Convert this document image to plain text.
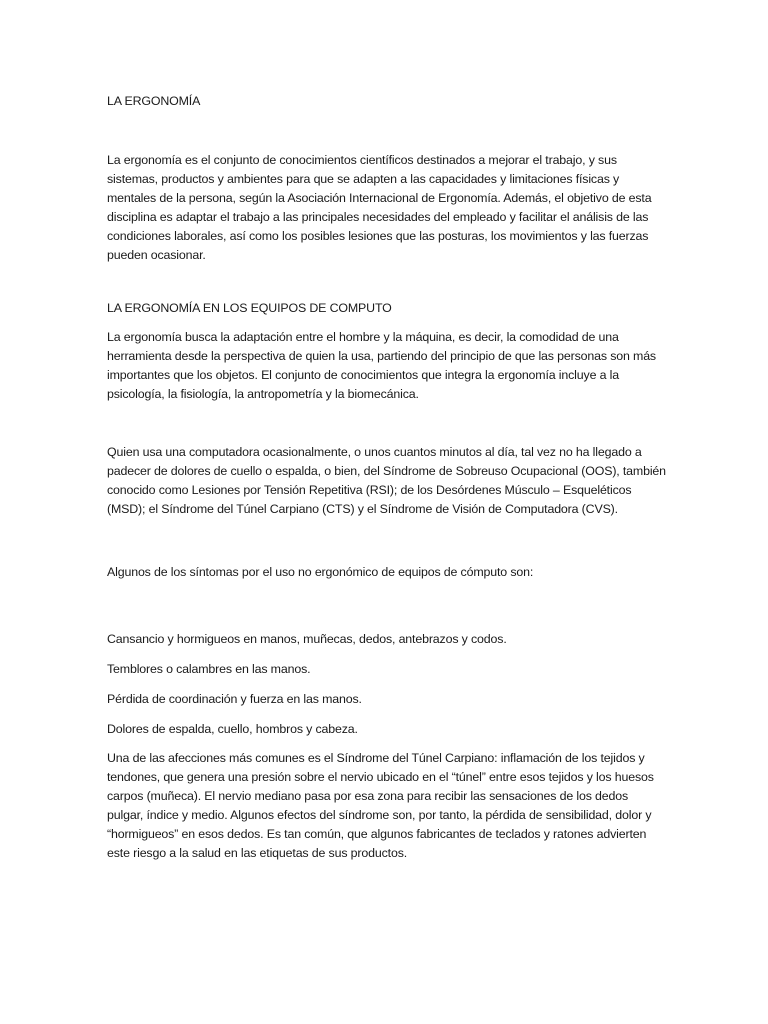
LA ERGONOMÍA

La ergonomía es el conjunto de conocimientos científicos destinados a mejorar el trabajo, y sus sistemas, productos y ambientes para que se adapten a las capacidades y limitaciones físicas y mentales de la persona, según la Asociación Internacional de Ergonomía. Además, el objetivo de esta disciplina es adaptar el trabajo a las principales necesidades del empleado y facilitar el análisis de las condiciones laborales, así como los posibles lesiones que las posturas, los movimientos y las fuerzas pueden ocasionar.

LA ERGONOMÍA EN LOS EQUIPOS DE COMPUTO

La ergonomía busca la adaptación entre el hombre y la máquina, es decir, la comodidad de una herramienta desde la perspectiva de quien la usa, partiendo del principio de que las personas son más importantes que los objetos. El conjunto de conocimientos que integra la ergonomía incluye a la psicología, la fisiología, la antropometría y la biomecánica.

Quien usa una computadora ocasionalmente, o unos cuantos minutos al día, tal vez no ha llegado a padecer de dolores de cuello o espalda, o bien, del Síndrome de Sobreuso Ocupacional (OOS), también conocido como Lesiones por Tensión Repetitiva (RSI); de los Desórdenes Músculo – Esqueléticos (MSD); el Síndrome del Túnel Carpiano (CTS) y el Síndrome de Visión de Computadora (CVS).

Algunos de los síntomas por el uso no ergonómico de equipos de cómputo son:

Cansancio y hormigueos en manos, muñecas, dedos, antebrazos y codos.

Temblores o calambres en las manos.

Pérdida de coordinación y fuerza en las manos.

Dolores de espalda, cuello, hombros y cabeza.

Una de las afecciones más comunes es el Síndrome del Túnel Carpiano: inflamación de los tejidos y tendones, que genera una presión sobre el nervio ubicado en el “túnel” entre esos tejidos y los huesos carpos (muñeca). El nervio mediano pasa por esa zona para recibir las sensaciones de los dedos pulgar, índice y medio. Algunos efectos del síndrome son, por tanto, la pérdida de sensibilidad, dolor y “hormigueos” en esos dedos. Es tan común, que algunos fabricantes de teclados y ratones advierten este riesgo a la salud en las etiquetas de sus productos.
